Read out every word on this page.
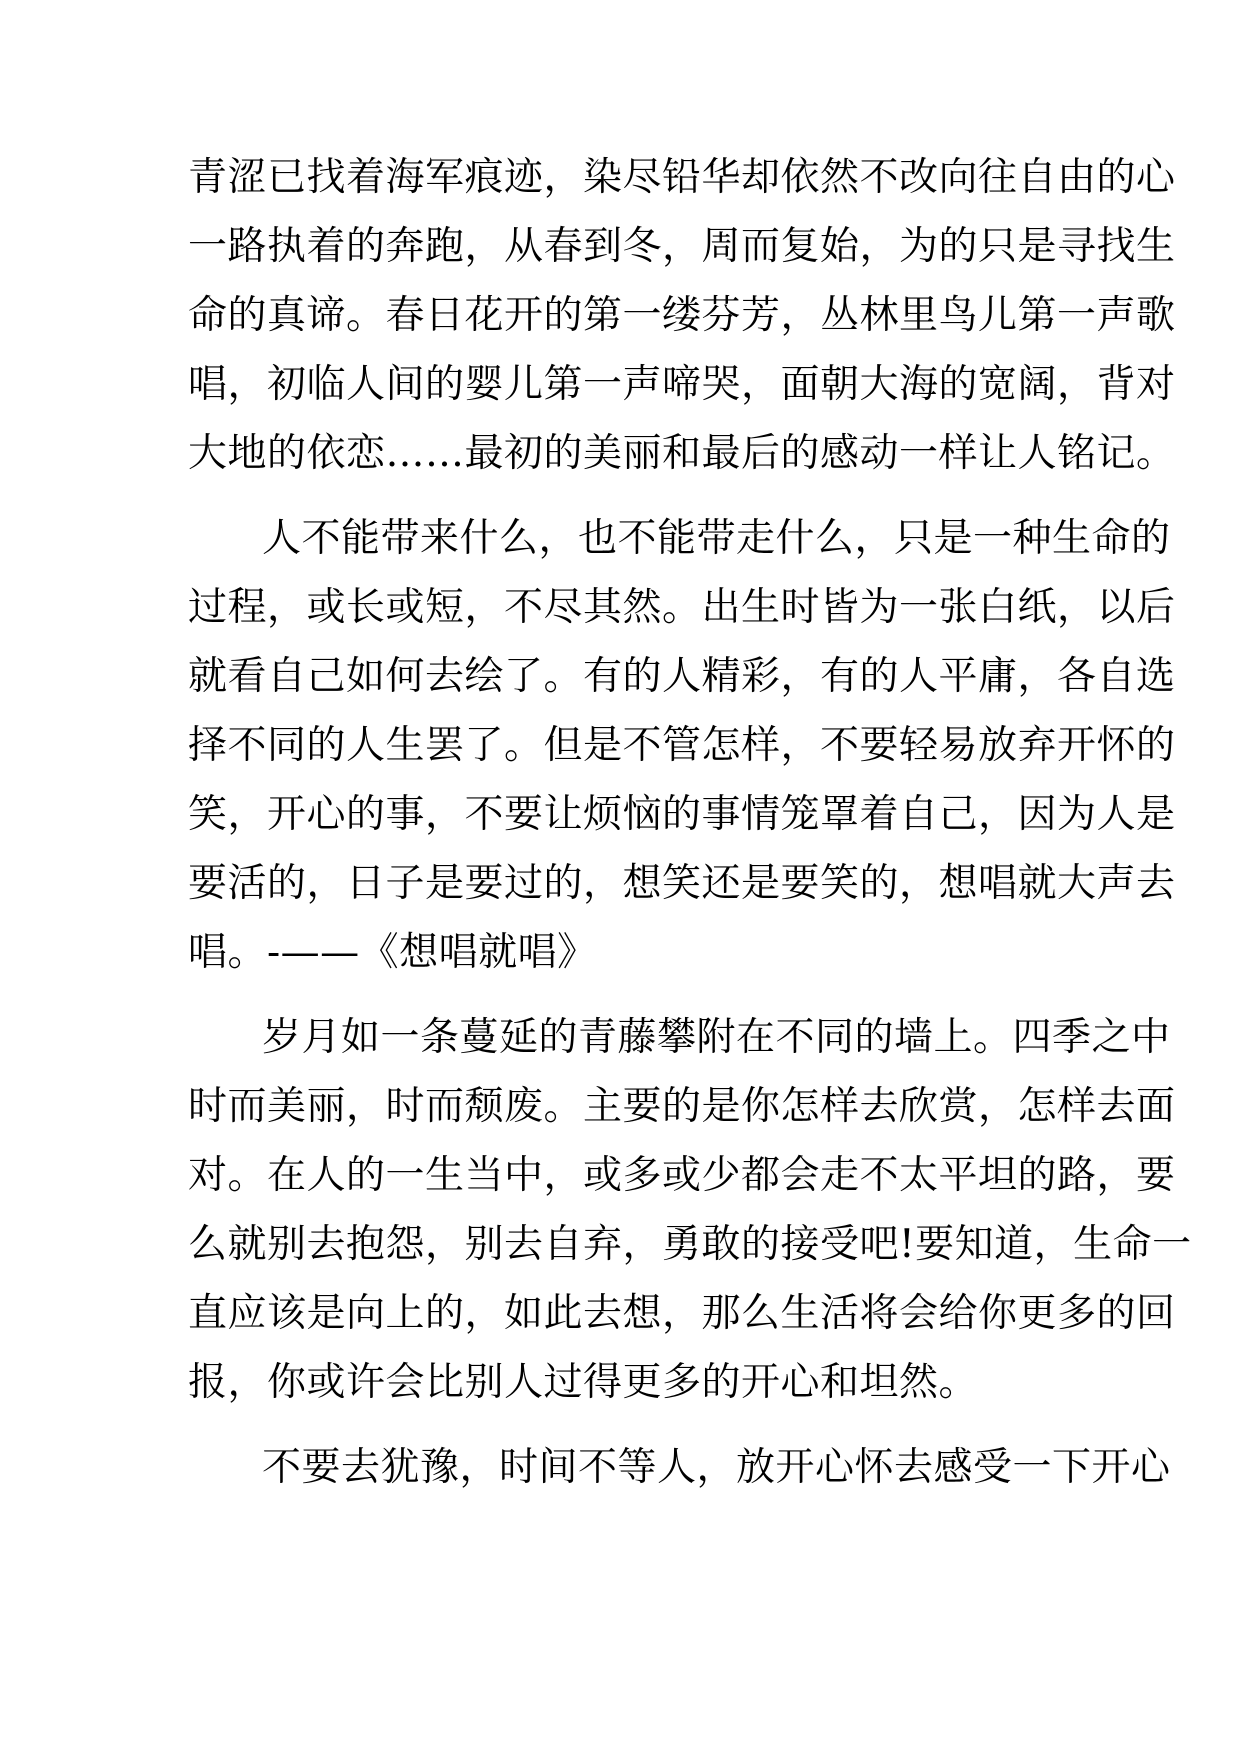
青涩已找着海军痕迹，染尽铅华却依然不改向往自由的心
一路执着的奔跑，从春到冬，周而复始，为的只是寻找生
命的真谛。春日花开的第一缕芬芳，丛林里鸟儿第一声歌
唱，初临人间的婴儿第一声啼哭，面朝大海的宽阔，背对
大地的依恋……最初的美丽和最后的感动一样让人铭记。
人不能带来什么，也不能带走什么，只是一种生命的
过程，或长或短，不尽其然。出生时皆为一张白纸，以后
就看自己如何去绘了。有的人精彩，有的人平庸，各自选
择不同的人生罢了。但是不管怎样，不要轻易放弃开怀的
笑，开心的事，不要让烦恼的事情笼罩着自己，因为人是
要活的，日子是要过的，想笑还是要笑的，想唱就大声去
唱。-——《想唱就唱》
岁月如一条蔓延的青藤攀附在不同的墙上。四季之中
时而美丽，时而颓废。主要的是你怎样去欣赏，怎样去面
对。在人的一生当中，或多或少都会走不太平坦的路，要
么就别去抱怨，别去自弃，勇敢的接受吧!要知道，生命一
直应该是向上的，如此去想，那么生活将会给你更多的回
报，你或许会比别人过得更多的开心和坦然。
不要去犹豫，时间不等人，放开心怀去感受一下开心
